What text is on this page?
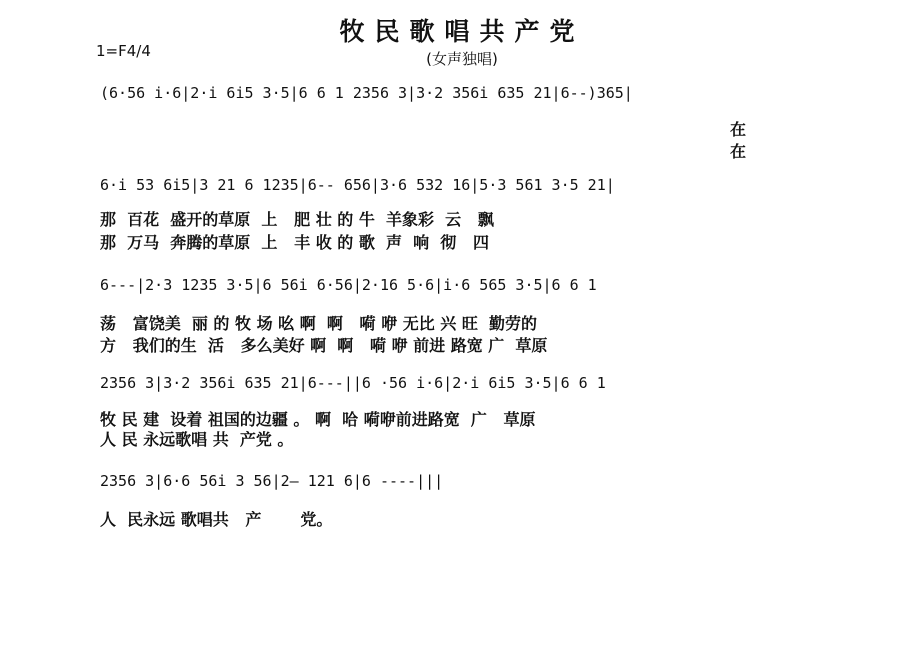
牧民歌唱共产党
(女声独唱)
1=F4/4
(6·56 i·6|2·i 6i5 3·5|6 6 1 2356 3|3·2 356i 635 21|6--)365|
在
在
6·i 53 6i5|3 21 6 1235|6-- 656|3·6 532 16|5·3 561 3·5 21|
那  百花  盛开的草原  上   肥 壮 的 牛  羊象彩  云   飘
那  万马  奔腾的草原  上   丰 收 的 歌  声  响  彻   四
6---|2·3 1235 3·5|6 56i 6·56|2·16 5·6|i·6 565 3·5|6 6 1
荡   富饶美  丽 的 牧 场 吆 啊  啊   嗬 咿 无比 兴 旺  勤劳的
方   我们的生  活   多么美好 啊  啊   嗬 咿 前进 路宽 广  草原
2356 3|3·2 356i 635 21|6---||6 ·56 i·6|2·i 6i5 3·5|6 6 1
牧 民 建  设着 祖国的边疆 。 啊  哈 嗬咿前进路宽  广   草原
人 民 永远歌唱 共  产党 。
2356 3|6·6 56i 3 56|2— 121 6|6 ----|||
人  民永远 歌唱共   产       党。
